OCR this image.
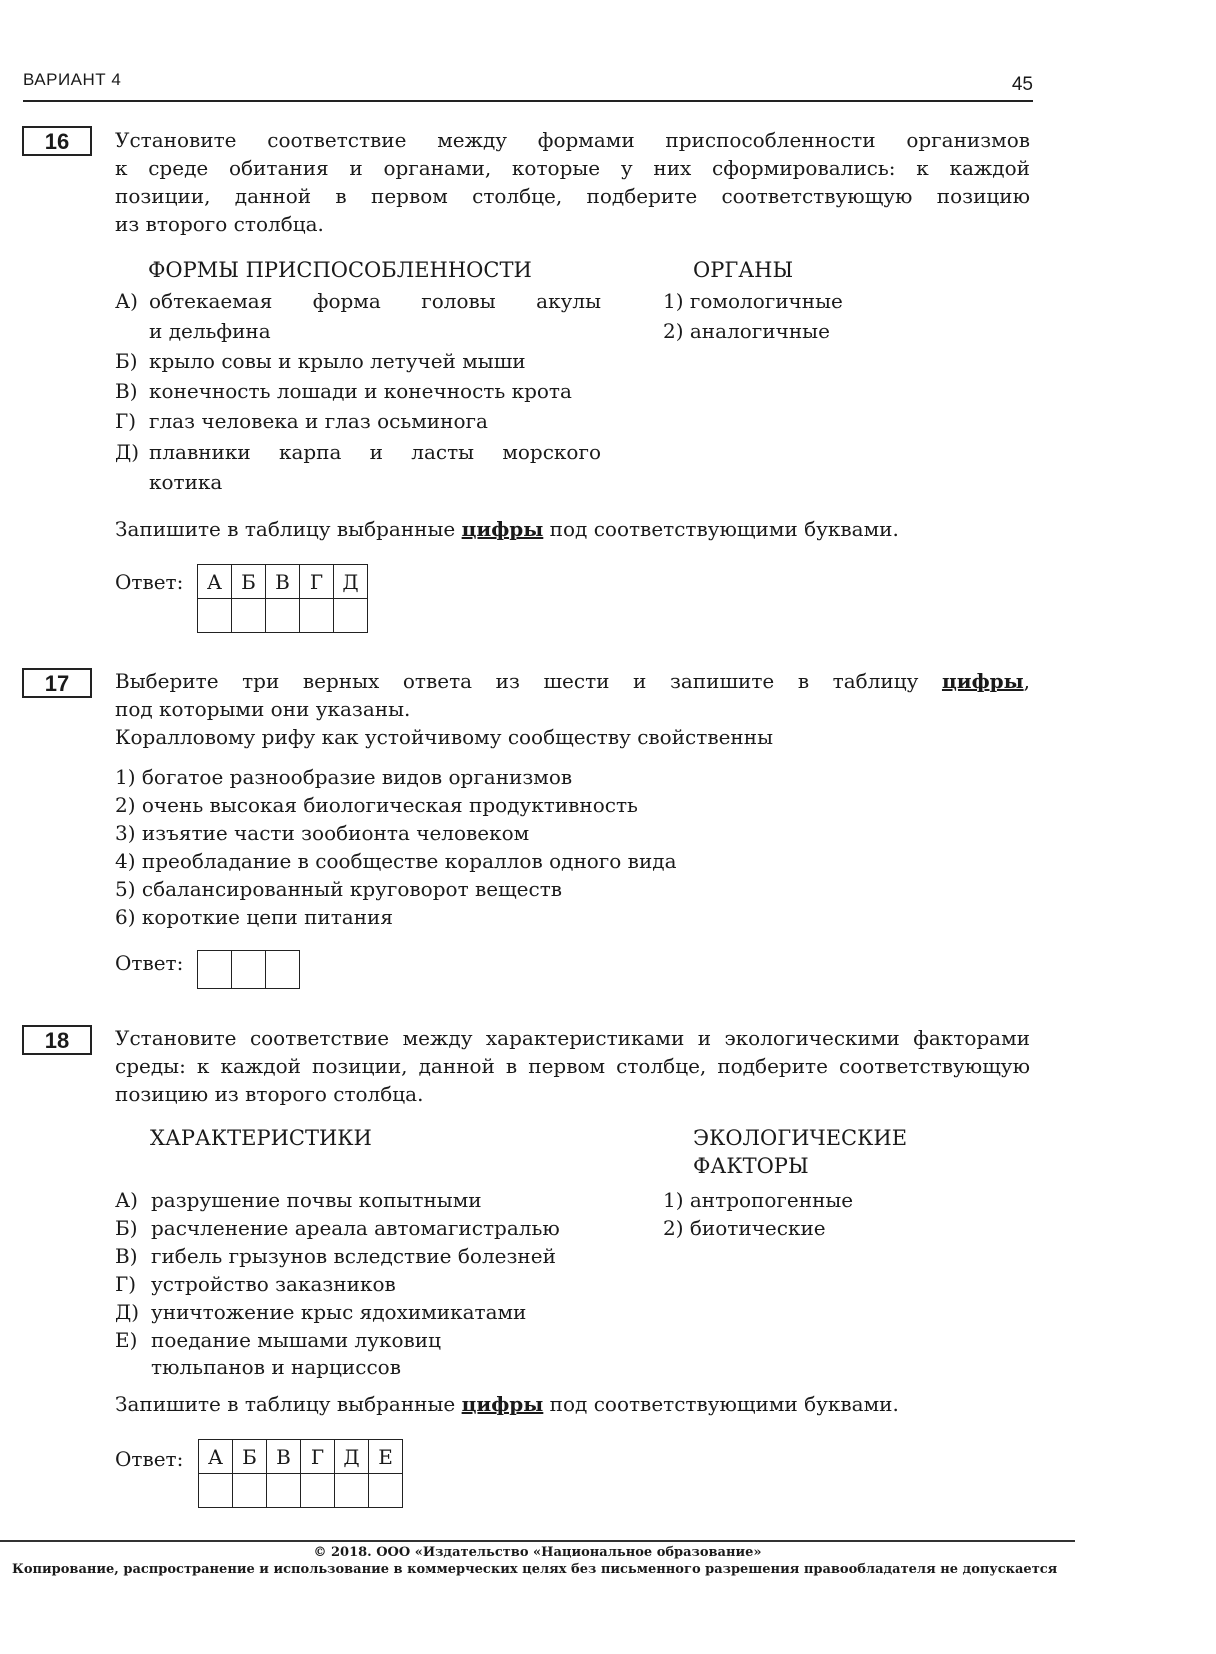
ВАРИАНТ 4	45
16	Установите соответствие между формами приспособленности организмов
к среде обитания и органами, которые у них сформировались: к каждой
позиции, данной в первом столбце, подберите соответствующую позицию
из второго столбца.
ФОРМЫ ПРИСПОСОБЛЕННОСТИ	ОРГАНЫ
А) обтекаемая форма головы акулы
и дельфина
Б) крыло совы и крыло летучей мыши
В) конечность лошади и конечность крота
Г) глаз человека и глаз осьминога
Д) плавники карпа и ласты морского
котика
1) гомологичные
2) аналогичные
Запишите в таблицу выбранные цифры под соответствующими буквами.
Ответ: А	Б	В	Г	Д

17	Выберите три верных ответа из шести и запишите в таблицу цифры,
под которыми они указаны.
Коралловому рифу как устойчивому сообществу свойственны
1) богатое разнообразие видов организмов
2) очень высокая биологическая продуктивность
3) изъятие части зообионта человеком
4) преобладание в сообществе кораллов одного вида
5) сбалансированный круговорот веществ
6) короткие цепи питания
Ответ:

18	Установите соответствие между характеристиками и экологическими факторами
среды: к каждой позиции, данной в первом столбце, подберите соответствующую
позицию из второго столбца.
ХАРАКТЕРИСТИКИ	ЭКОЛОГИЧЕСКИЕ
ФАКТОРЫ
А) разрушение почвы копытными
Б) расчленение ареала автомагистралью
В) гибель грызунов вследствие болезней
Г) устройство заказников
Д) уничтожение крыс ядохимикатами
Е) поедание мышами луковиц
тюльпанов и нарциссов
1) антропогенные
2) биотические
Запишите в таблицу выбранные цифры под соответствующими буквами.
Ответ: А	Б	В	Г	Д	Е

© 2018. ООО «Издательство «Национальное образование»
Копирование, распространение и использование в коммерческих целях без письменного разрешения правообладателя не допускается
